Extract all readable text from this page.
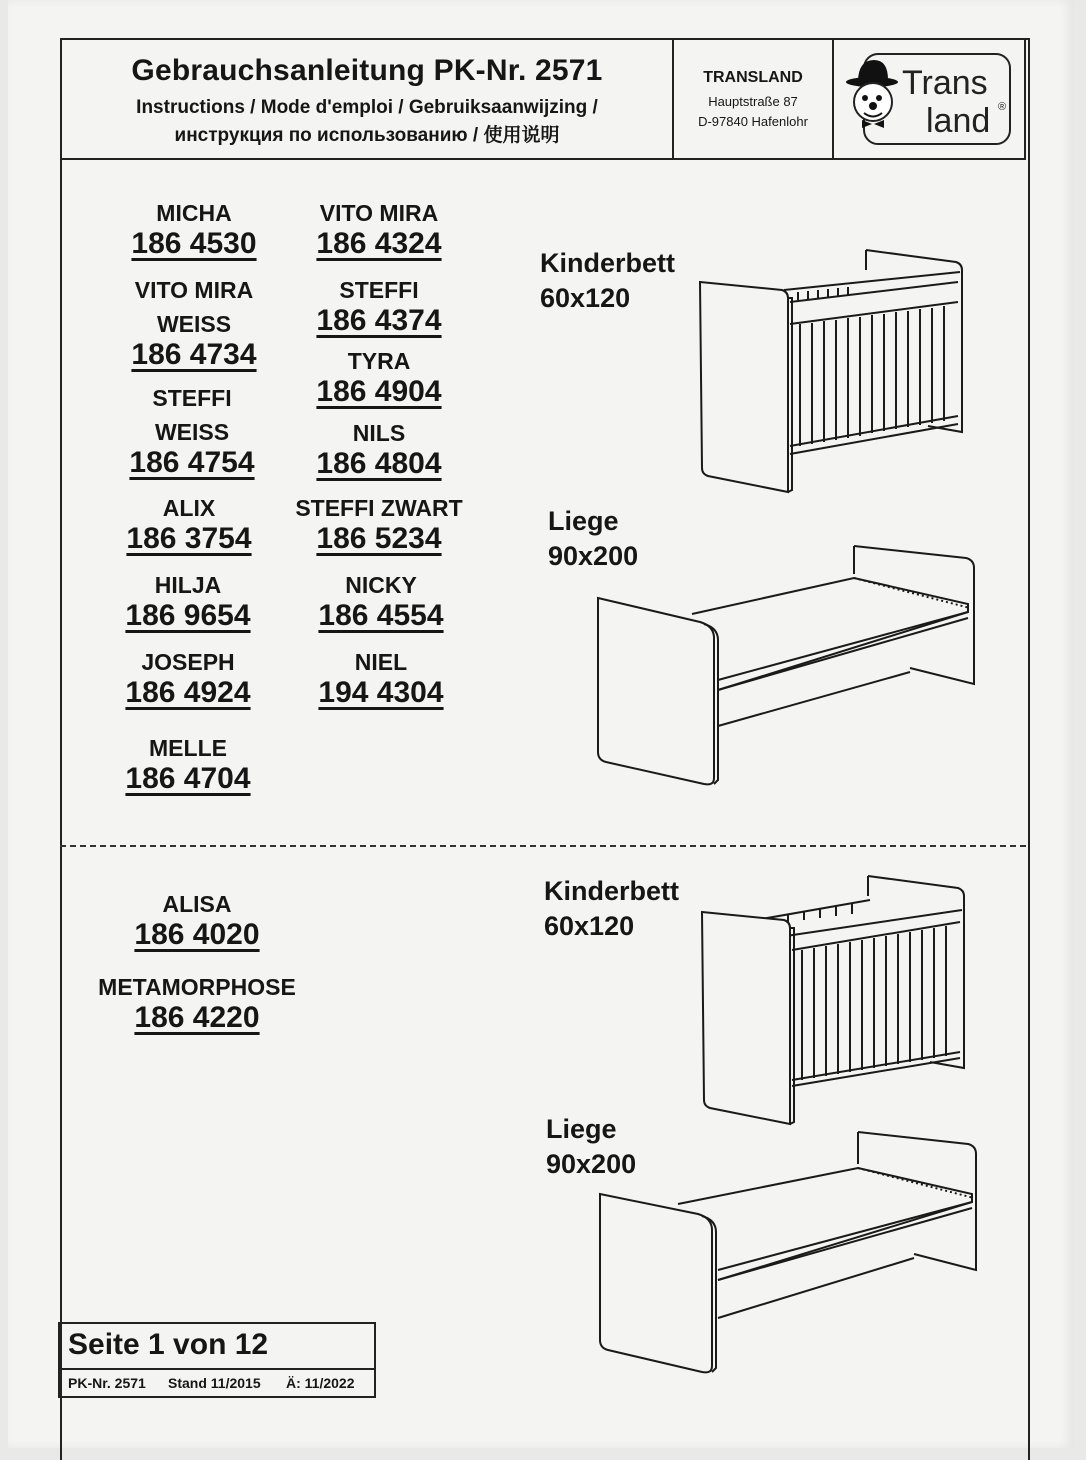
Gebrauchsanleitung PK-Nr. 2571
Instructions / Mode d'emploi / Gebruiksaanwijzing /
инструкция по использованию / 使用说明
TRANSLAND
Hauptstraße 87
D-97840 Hafenlohr
Trans
land ®
MICHA
186 4530
VITO MIRA
WEISS
186 4734
STEFFI
WEISS
186 4754
ALIX
186 3754
HILJA
186 9654
JOSEPH
186 4924
MELLE
186 4704
VITO MIRA
186 4324
STEFFI
186 4374
TYRA
186 4904
NILS
186 4804
STEFFI ZWART
186 5234
NICKY
186 4554
NIEL
194 4304
Kinderbett
60x120
Liege
90x200
ALISA
186 4020
METAMORPHOSE
186 4220
Kinderbett
60x120
Liege
90x200
Seite 1 von 12
PK-Nr. 2571 Stand 11/2015 Ä: 11/2022
